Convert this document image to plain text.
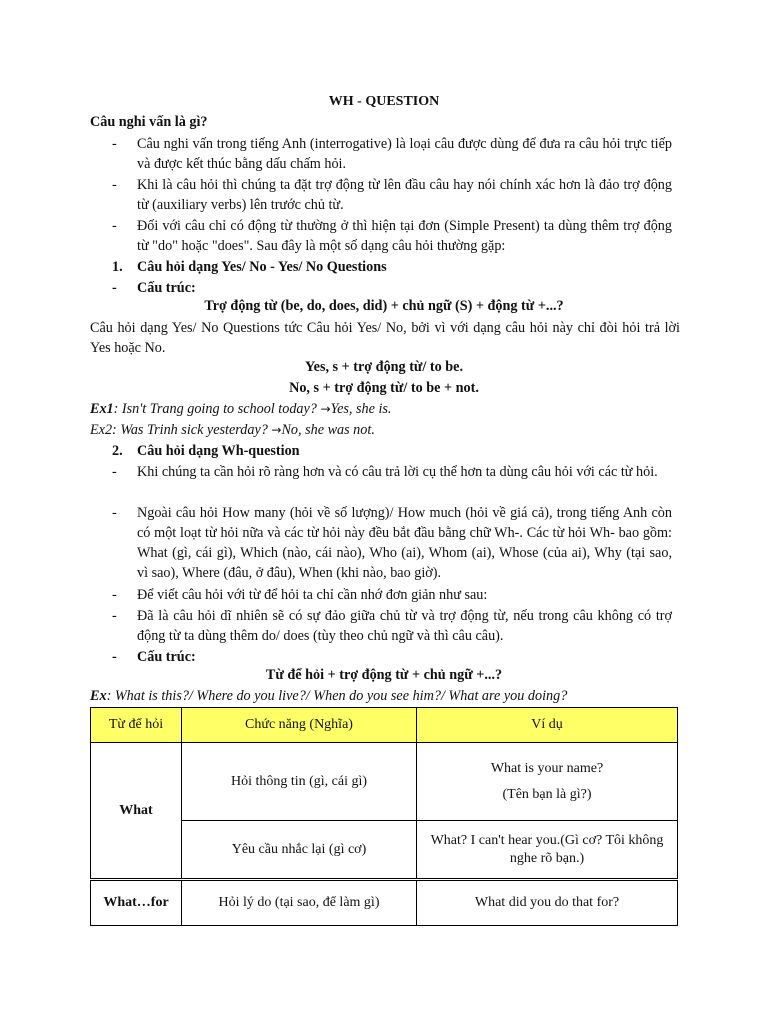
WH - QUESTION
Câu nghi vấn là gì?
- Câu nghi vấn trong tiếng Anh (interrogative) là loại câu được dùng để đưa ra câu hỏi trực tiếp và được kết thúc bằng dấu chấm hỏi.
- Khi là câu hỏi thì chúng ta đặt trợ động từ lên đầu câu hay nói chính xác hơn là đảo trợ động từ (auxiliary verbs) lên trước chủ từ.
- Đối với câu chỉ có động từ thường ở thì hiện tại đơn (Simple Present) ta dùng thêm trợ động từ "do" hoặc "does". Sau đây là một số dạng câu hỏi thường gặp:
1. Câu hỏi dạng Yes/ No - Yes/ No Questions
- Cấu trúc:
Trợ động từ (be, do, does, did) + chủ ngữ (S) + động từ +...?
Câu hỏi dạng Yes/ No Questions tức Câu hỏi Yes/ No, bởi vì với dạng câu hỏi này chỉ đòi hỏi trả lời Yes hoặc No.
Yes, s + trợ động từ/ to be.
No, s + trợ động từ/ to be + not.
Ex1: Isn't Trang going to school today? →Yes, she is.
Ex2: Was Trinh sick yesterday? →No, she was not.
2. Câu hỏi dạng Wh-question
- Khi chúng ta cần hỏi rõ ràng hơn và có câu trả lời cụ thể hơn ta dùng câu hỏi với các từ hỏi.
- Ngoài câu hỏi How many (hỏi về số lượng)/ How much (hỏi về giá cả), trong tiếng Anh còn có một loạt từ hỏi nữa và các từ hỏi này đều bắt đầu bằng chữ Wh-. Các từ hỏi Wh- bao gồm: What (gì, cái gì), Which (nào, cái nào), Who (ai), Whom (ai), Whose (của ai), Why (tại sao, vì sao), Where (đâu, ở đâu), When (khi nào, bao giờ).
- Để viết câu hỏi với từ để hỏi ta chỉ cần nhớ đơn giản như sau:
- Đã là câu hỏi dĩ nhiên sẽ có sự đảo giữa chủ từ và trợ động từ, nếu trong câu không có trợ động từ ta dùng thêm do/ does (tùy theo chủ ngữ và thì câu câu).
- Cấu trúc:
Từ để hỏi + trợ động từ + chủ ngữ +...?
Ex: What is this?/ Where do you live?/ When do you see him?/ What are you doing?
Từ để hỏi	Chức năng (Nghĩa)	Ví dụ
What	Hỏi thông tin (gì, cái gì)	What is your name?
(Tên bạn là gì?)

	Yêu cầu nhắc lại (gì cơ)	What? I can't hear you.(Gì cơ? Tôi không nghe rõ bạn.)
What…for	Hỏi lý do (tại sao, để làm gì)	What did you do that for?
